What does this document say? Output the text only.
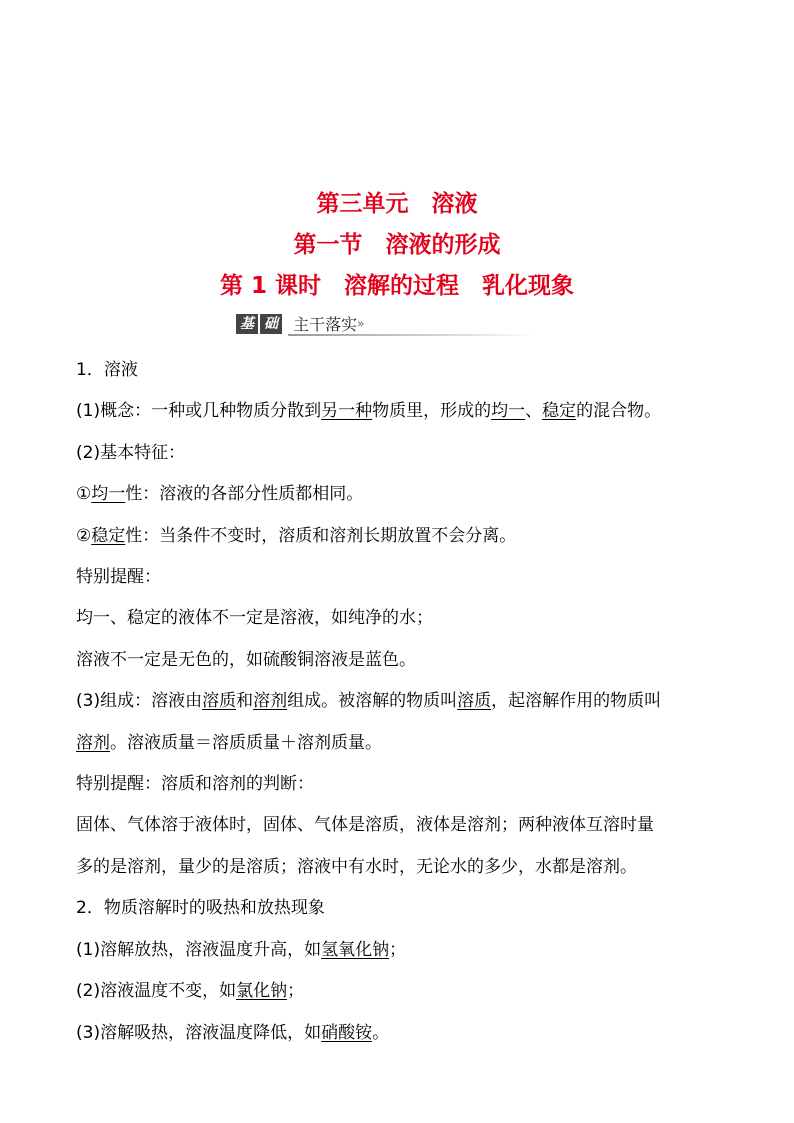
第三单元　溶液
第一节　溶液的形成
第 1 课时　溶解的过程　乳化现象
基 础 主干落实»
1．溶液
(1)概念：一种或几种物质分散到另一种物质里，形成的均一、稳定的混合物。
(2)基本特征：
①均一性：溶液的各部分性质都相同。
②稳定性：当条件不变时，溶质和溶剂长期放置不会分离。
特别提醒：
均一、稳定的液体不一定是溶液，如纯净的水；
溶液不一定是无色的，如硫酸铜溶液是蓝色。
(3)组成：溶液由溶质和溶剂组成。被溶解的物质叫溶质，起溶解作用的物质叫
溶剂。溶液质量＝溶质质量＋溶剂质量。
特别提醒：溶质和溶剂的判断：
固体、气体溶于液体时，固体、气体是溶质，液体是溶剂；两种液体互溶时量
多的是溶剂，量少的是溶质；溶液中有水时，无论水的多少，水都是溶剂。
2．物质溶解时的吸热和放热现象
(1)溶解放热，溶液温度升高，如氢氧化钠；
(2)溶液温度不变，如氯化钠；
(3)溶解吸热，溶液温度降低，如硝酸铵。
